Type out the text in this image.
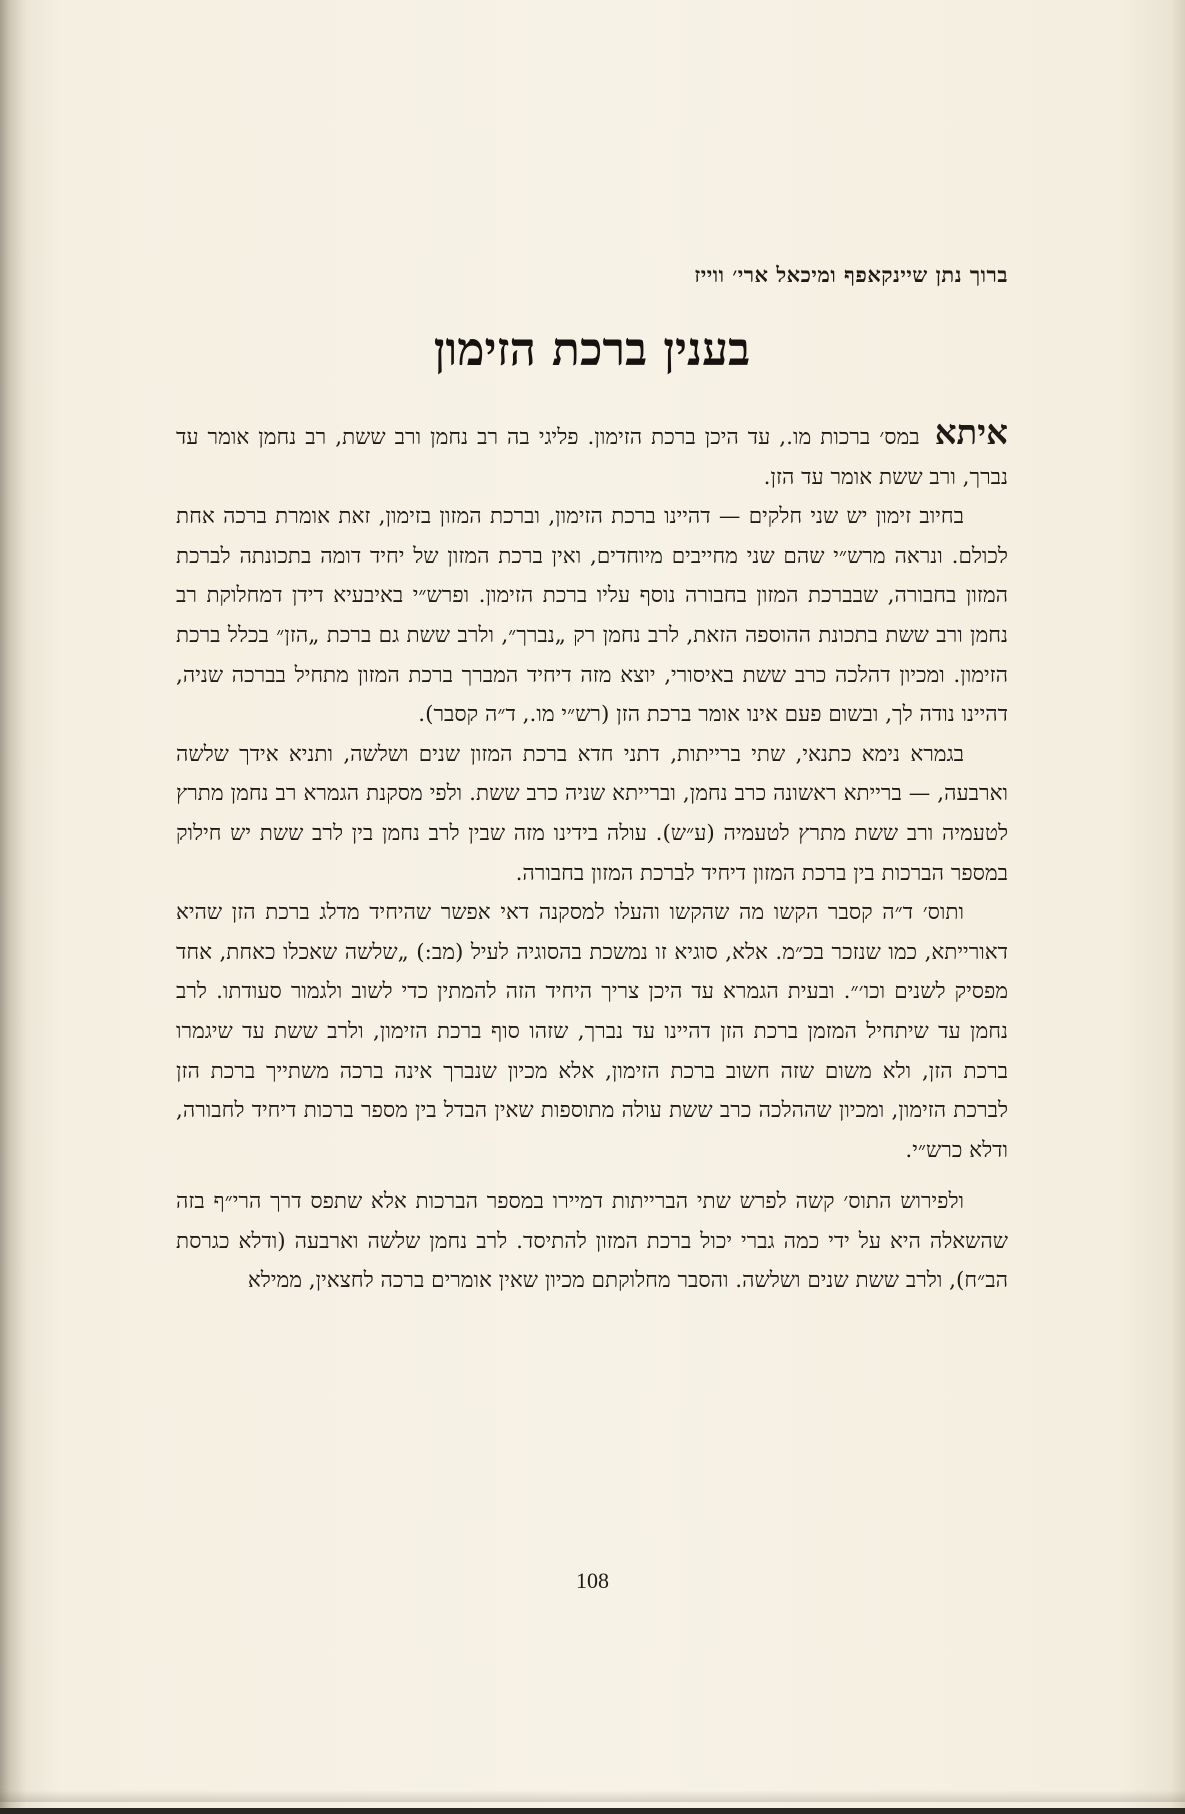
ברוך נתן שיינקאפף ומיכאל ארי׳ ווייז
בענין ברכת הזימון

איתא במס׳ ברכות מו., עד היכן ברכת הזימון. פליגי בה רב נחמן ורב ששת, רב נחמן אומר עד נברך, ורב ששת אומר עד הזן.

בחיוב זימון יש שני חלקים — דהיינו ברכת הזימון, וברכת המזון בזימון, זאת אומרת ברכה אחת לכולם. ונראה מרש״י שהם שני מחייבים מיוחדים, ואין ברכת המזון של יחיד דומה בתכונתה לברכת המזון בחבורה, שבברכת המזון בחבורה נוסף עליו ברכת הזימון. ופרש״י באיבעיא דידן דמחלוקת רב נחמן ורב ששת בתכונת ההוספה הזאת, לרב נחמן רק „נברך״, ולרב ששת גם ברכת „הזן״ בכלל ברכת הזימון. ומכיון דהלכה כרב ששת באיסורי, יוצא מזה דיחיד המברך ברכת המזון מתחיל בברכה שניה, דהיינו נודה לך, ובשום פעם אינו אומר ברכת הזן (רש״י מו., ד״ה קסבר).

בגמרא נימא כתנאי, שתי ברייתות, דתני חדא ברכת המזון שנים ושלשה, ותניא אידך שלשה וארבעה, — ברייתא ראשונה כרב נחמן, וברייתא שניה כרב ששת. ולפי מסקנת הגמרא רב נחמן מתרץ לטעמיה ורב ששת מתרץ לטעמיה (ע״ש). עולה בידינו מזה שבין לרב נחמן בין לרב ששת יש חילוק במספר הברכות בין ברכת המזון דיחיד לברכת המזון בחבורה.

ותוס׳ ד״ה קסבר הקשו מה שהקשו והעלו למסקנה דאי אפשר שהיחיד מדלג ברכת הזן שהיא דאורייתא, כמו שנזכר בכ״מ. אלא, סוגיא זו נמשכת בהסוגיה לעיל (מב:) „שלשה שאכלו כאחת, אחד מפסיק לשנים וכו׳״. ובעית הגמרא עד היכן צריך היחיד הזה להמתין כדי לשוב ולגמור סעודתו. לרב נחמן עד שיתחיל המזמן ברכת הזן דהיינו עד נברך, שזהו סוף ברכת הזימון, ולרב ששת עד שיגמרו ברכת הזן, ולא משום שזה חשוב ברכת הזימון, אלא מכיון שנברך אינה ברכה משתייך ברכת הזן לברכת הזימון, ומכיון שההלכה כרב ששת עולה מתוספות שאין הבדל בין מספר ברכות דיחיד לחבורה, ודלא כרש״י.

ולפירוש התוס׳ קשה לפרש שתי הברייתות דמיירו במספר הברכות אלא שתפס דרך הרי״ף בזה שהשאלה היא על ידי כמה גברי יכול ברכת המזון להתיסד. לרב נחמן שלשה וארבעה (ודלא כגרסת הב״ח), ולרב ששת שנים ושלשה. והסבר מחלוקתם מכיון שאין אומרים ברכה לחצאין, ממילא

108
